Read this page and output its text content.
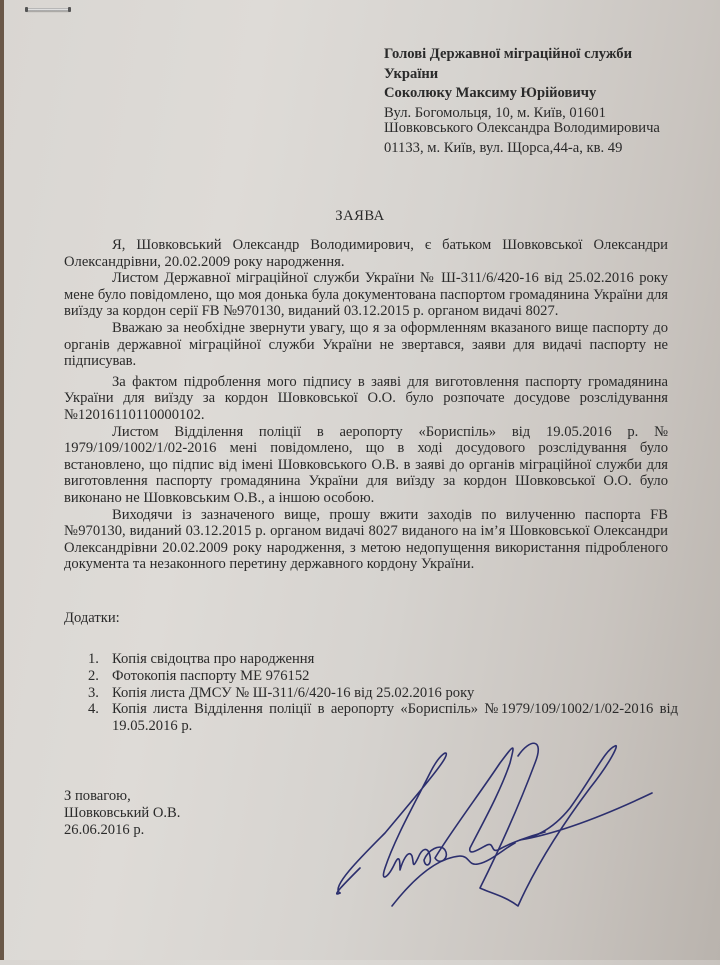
Голові Державної міграційної служби
України
Соколюку Максиму Юрійовичу
Вул. Богомольця, 10, м. Київ, 01601
Шовковського Олександра Володимировича
01133, м. Київ, вул. Щорса,44-а, кв. 49
ЗАЯВА

Я, Шовковський Олександр Володимирович, є батьком Шовковської Олександри Олександрівни, 20.02.2009 року народження.

Листом Державної міграційної служби України № Ш-311/6/420-16 від 25.02.2016 року мене було повідомлено, що моя донька була документована паспортом громадянина України для виїзду за кордон серії FB №970130, виданий 03.12.2015 р. органом видачі 8027.

Вважаю за необхідне звернути увагу, що я за оформленням вказаного вище паспорту до органів державної міграційної служби України не звертався, заяви для видачі паспорту не підписував.

За фактом підроблення мого підпису в заяві для виготовлення паспорту громадянина України для виїзду за кордон Шовковської О.О. було розпочате досудове розслідування №12016110110000102.

Листом Відділення поліції в аеропорту «Бориспіль» від 19.05.2016 р. № 1979/109/1002/1/02-2016 мені повідомлено, що в ході досудового розслідування було встановлено, що підпис від імені Шовковського О.В. в заяві до органів міграційної служби для виготовлення паспорту громадянина України для виїзду за кордон Шовковської О.О. було виконано не Шовковським О.В., а іншою особою.

Виходячи із зазначеного вище, прошу вжити заходів по вилученню паспорта FB №970130, виданий 03.12.2015 р. органом видачі 8027 виданого на ім’я Шовковської Олександри Олександрівни 20.02.2009 року народження, з метою недопущення використання підробленого документа та незаконного перетину державного кордону України.

Додатки:
1. Копія свідоцтва про народження
2. Фотокопія паспорту МЕ 976152
3. Копія листа ДМСУ № Ш-311/6/420-16 від 25.02.2016 року
4. Копія листа Відділення поліції в аеропорту «Бориспіль» №1979/109/1002/1/02-2016 від 19.05.2016 р.
З повагою,
Шовковський О.В.
26.06.2016 р.
